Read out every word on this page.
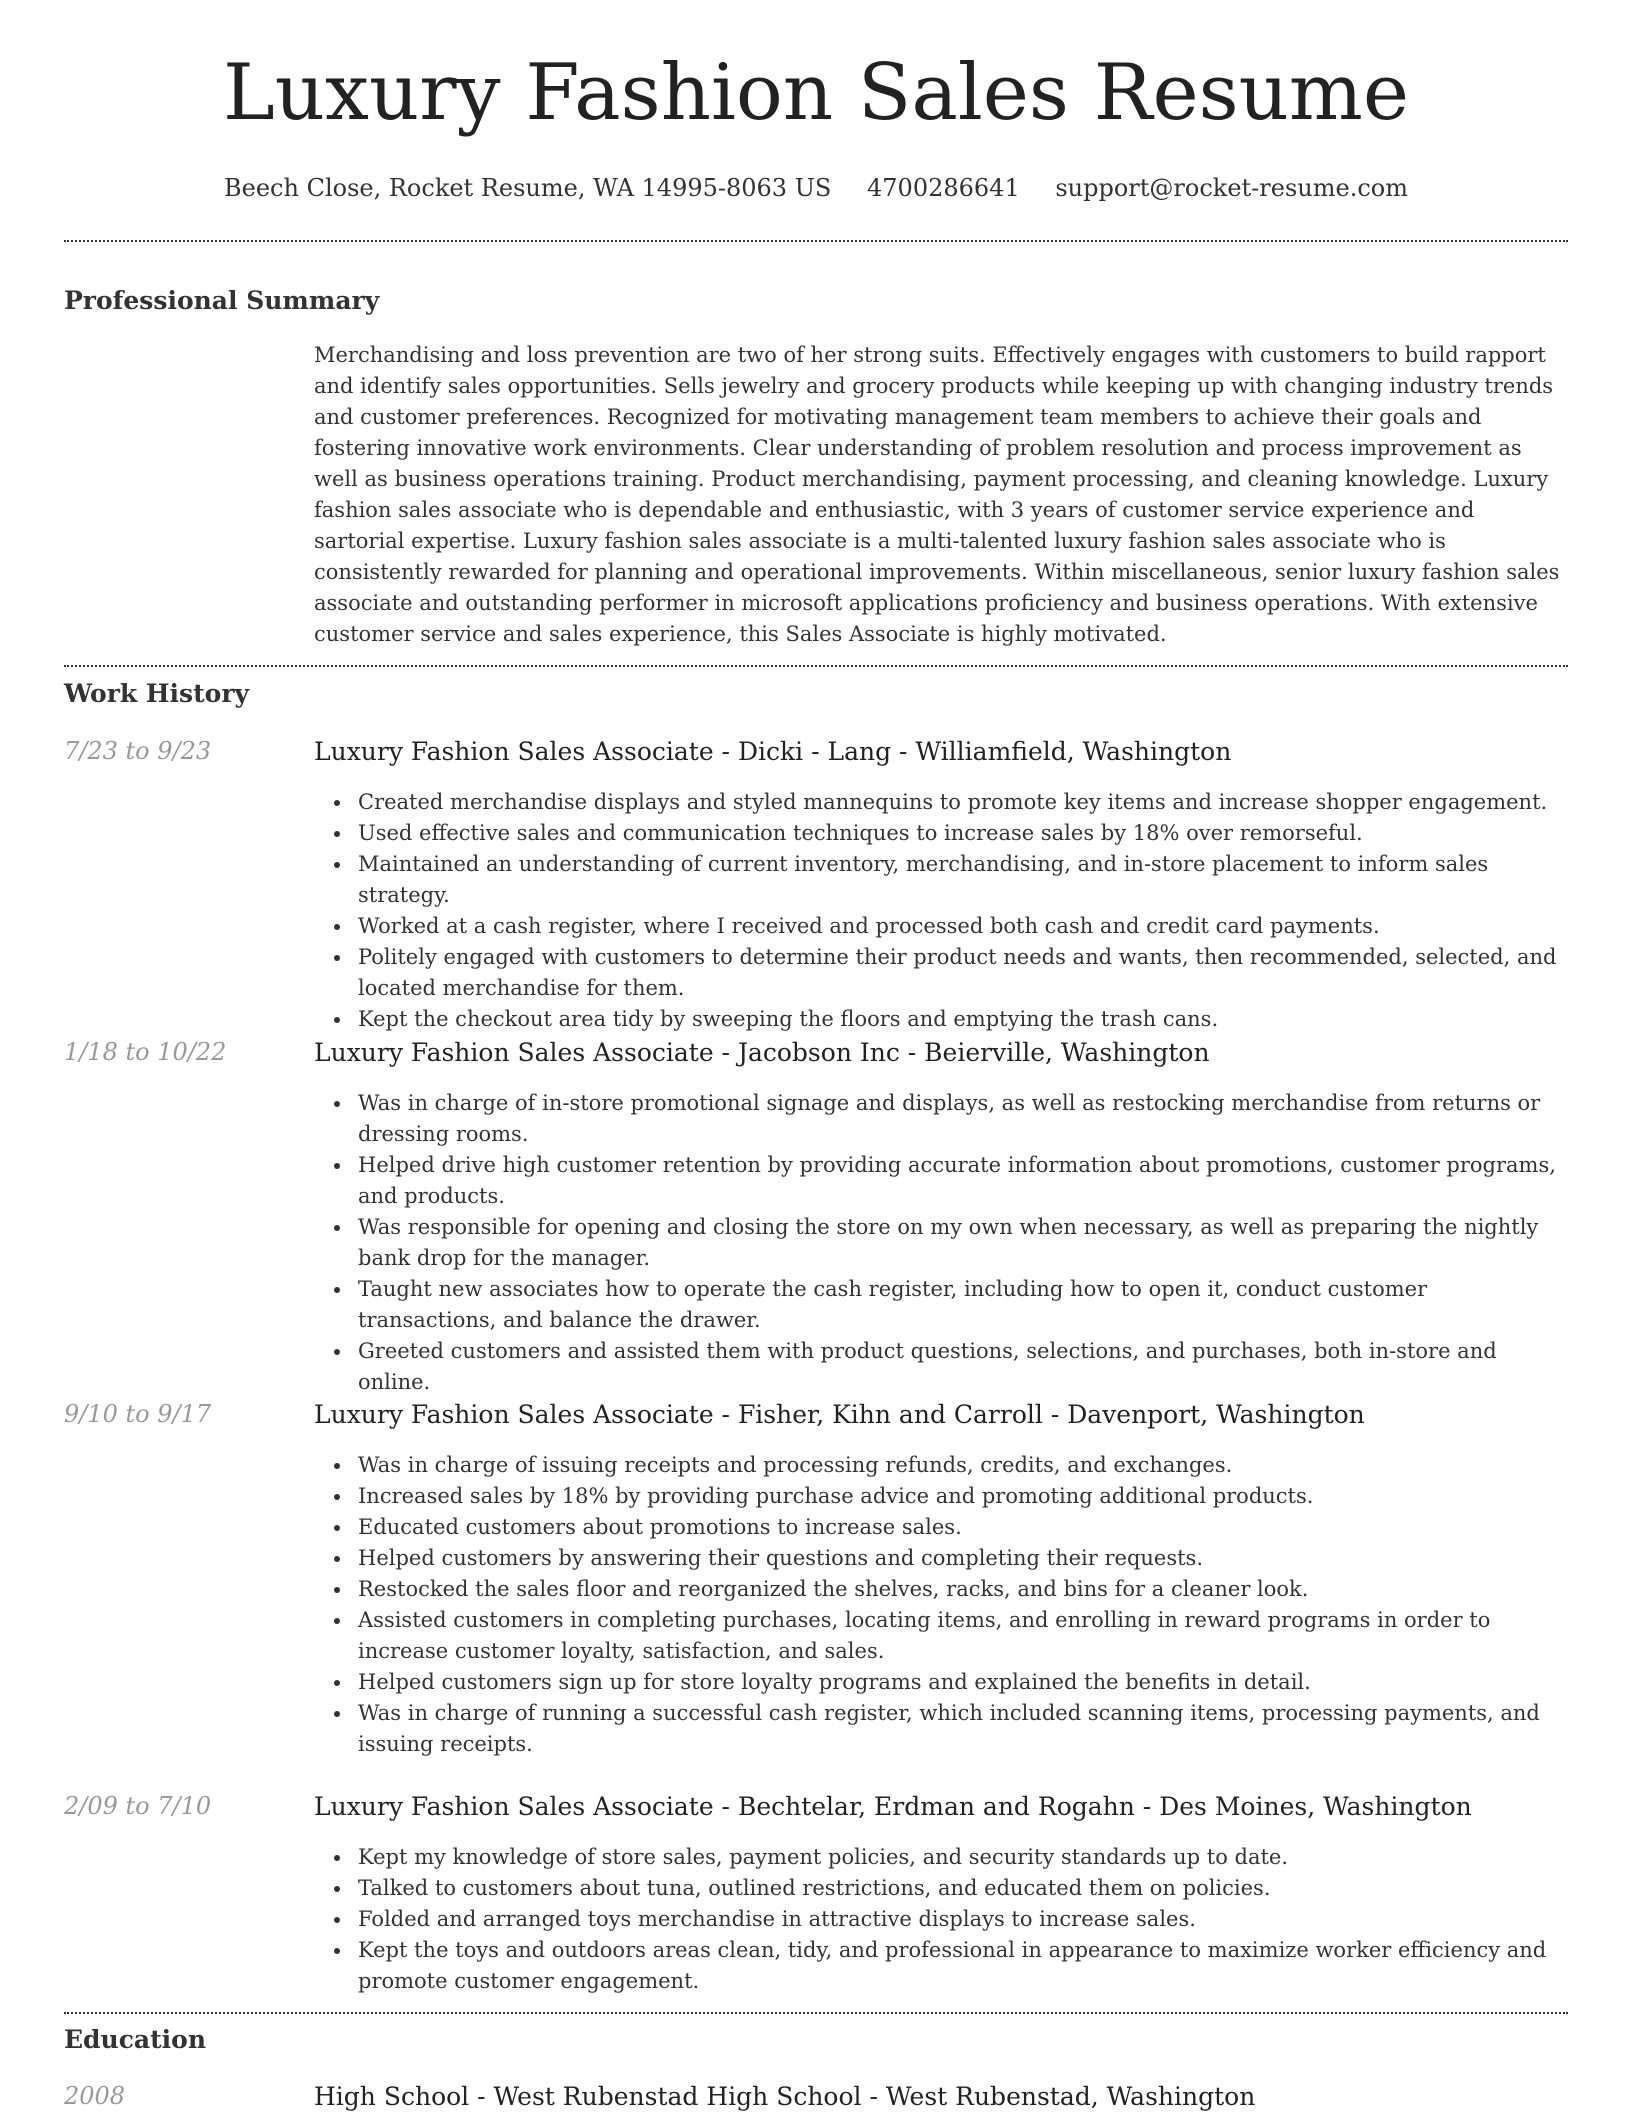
Luxury Fashion Sales Resume
Beech Close, Rocket Resume, WA 14995-8063 US 4700286641 support@rocket-resume.com
Professional Summary

Merchandising and loss prevention are two of her strong suits. Effectively engages with customers to build rapport and identify sales opportunities. Sells jewelry and grocery products while keeping up with changing industry trends and customer preferences. Recognized for motivating management team members to achieve their goals and fostering innovative work environments. Clear understanding of problem resolution and process improvement as well as business operations training. Product merchandising, payment processing, and cleaning knowledge. Luxury fashion sales associate who is dependable and enthusiastic, with 3 years of customer service experience and sartorial expertise. Luxury fashion sales associate is a multi-talented luxury fashion sales associate who is consistently rewarded for planning and operational improvements. Within miscellaneous, senior luxury fashion sales associate and outstanding performer in microsoft applications proficiency and business operations. With extensive customer service and sales experience, this Sales Associate is highly motivated.

Work History
7/23 to 9/23	Luxury Fashion Sales Associate - Dicki - Lang - Williamfield, Washington
Created merchandise displays and styled mannequins to promote key items and increase shopper engagement.
Used effective sales and communication techniques to increase sales by 18% over remorseful.
Maintained an understanding of current inventory, merchandising, and in-store placement to inform sales strategy.
Worked at a cash register, where I received and processed both cash and credit card payments.
Politely engaged with customers to determine their product needs and wants, then recommended, selected, and located merchandise for them.
Kept the checkout area tidy by sweeping the floors and emptying the trash cans.
1/18 to 10/22	Luxury Fashion Sales Associate - Jacobson Inc - Beierville, Washington
Was in charge of in-store promotional signage and displays, as well as restocking merchandise from returns or dressing rooms.
Helped drive high customer retention by providing accurate information about promotions, customer programs, and products.
Was responsible for opening and closing the store on my own when necessary, as well as preparing the nightly bank drop for the manager.
Taught new associates how to operate the cash register, including how to open it, conduct customer transactions, and balance the drawer.
Greeted customers and assisted them with product questions, selections, and purchases, both in-store and online.
9/10 to 9/17	Luxury Fashion Sales Associate - Fisher, Kihn and Carroll - Davenport, Washington
Was in charge of issuing receipts and processing refunds, credits, and exchanges.
Increased sales by 18% by providing purchase advice and promoting additional products.
Educated customers about promotions to increase sales.
Helped customers by answering their questions and completing their requests.
Restocked the sales floor and reorganized the shelves, racks, and bins for a cleaner look.
Assisted customers in completing purchases, locating items, and enrolling in reward programs in order to increase customer loyalty, satisfaction, and sales.
Helped customers sign up for store loyalty programs and explained the benefits in detail.
Was in charge of running a successful cash register, which included scanning items, processing payments, and issuing receipts.
2/09 to 7/10	Luxury Fashion Sales Associate - Bechtelar, Erdman and Rogahn - Des Moines, Washington
Kept my knowledge of store sales, payment policies, and security standards up to date.
Talked to customers about tuna, outlined restrictions, and educated them on policies.
Folded and arranged toys merchandise in attractive displays to increase sales.
Kept the toys and outdoors areas clean, tidy, and professional in appearance to maximize worker efficiency and promote customer engagement.
Education
2008	High School - West Rubenstad High School - West Rubenstad, Washington
